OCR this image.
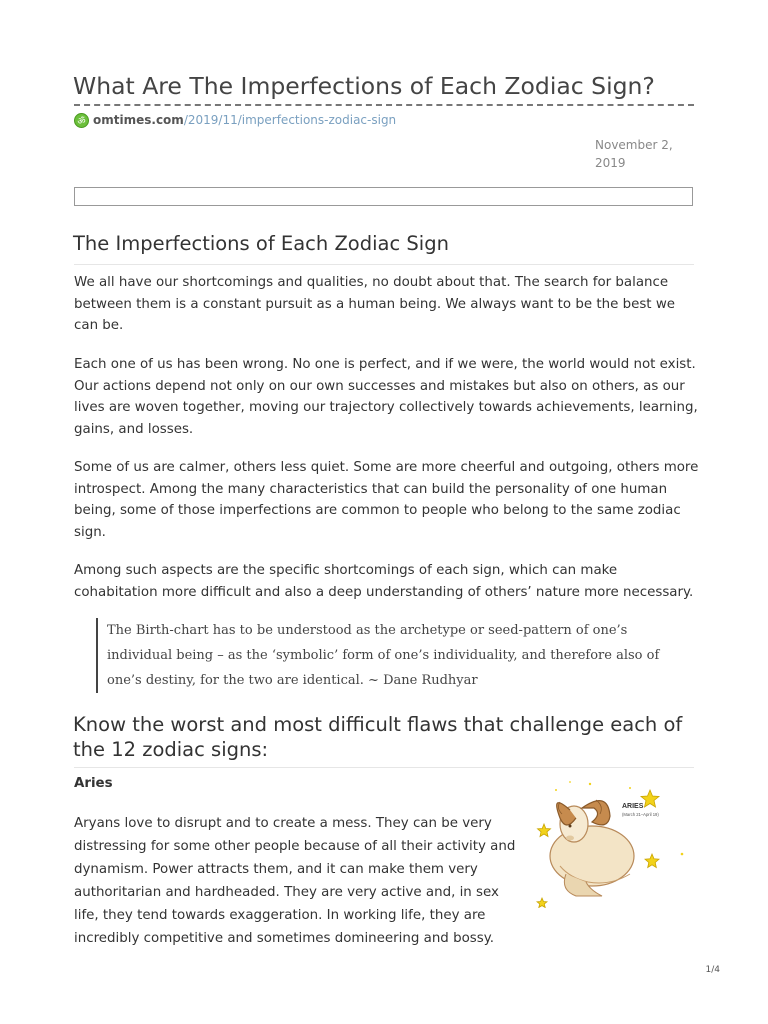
What Are The Imperfections of Each Zodiac Sign?
ॐ omtimes.com /2019/11/imperfections-zodiac-sign
November 2,
2019
The Imperfections of Each Zodiac Sign

We all have our shortcomings and qualities, no doubt about that. The search for balance between them is a constant pursuit as a human being. We always want to be the best we can be.

Each one of us has been wrong. No one is perfect, and if we were, the world would not exist. Our actions depend not only on our own successes and mistakes but also on others, as our lives are woven together, moving our trajectory collectively towards achievements, learning, gains, and losses.

Some of us are calmer, others less quiet. Some are more cheerful and outgoing, others more introspect. Among the many characteristics that can build the personality of one human being, some of those imperfections are common to people who belong to the same zodiac sign.

Among such aspects are the specific shortcomings of each sign, which can make cohabitation more difficult and also a deep understanding of others’ nature more necessary.

The Birth-chart has to be understood as the archetype or seed-pattern of one’s individual being – as the ‘symbolic’ form of one’s individuality, and therefore also of one’s destiny, for the two are identical. ~ Dane Rudhyar
Know the worst and most difficult flaws that challenge each of the 12 zodiac signs:
Aries

Aryans love to disrupt and to create a mess. They can be very distressing for some other people because of all their activity and dynamism. Power attracts them, and it can make them very authoritarian and hardheaded. They are very active and, in sex life, they tend towards exaggeration. In working life, they are incredibly competitive and sometimes domineering and bossy.

ARIES
(March 21–April 19)
1/4
